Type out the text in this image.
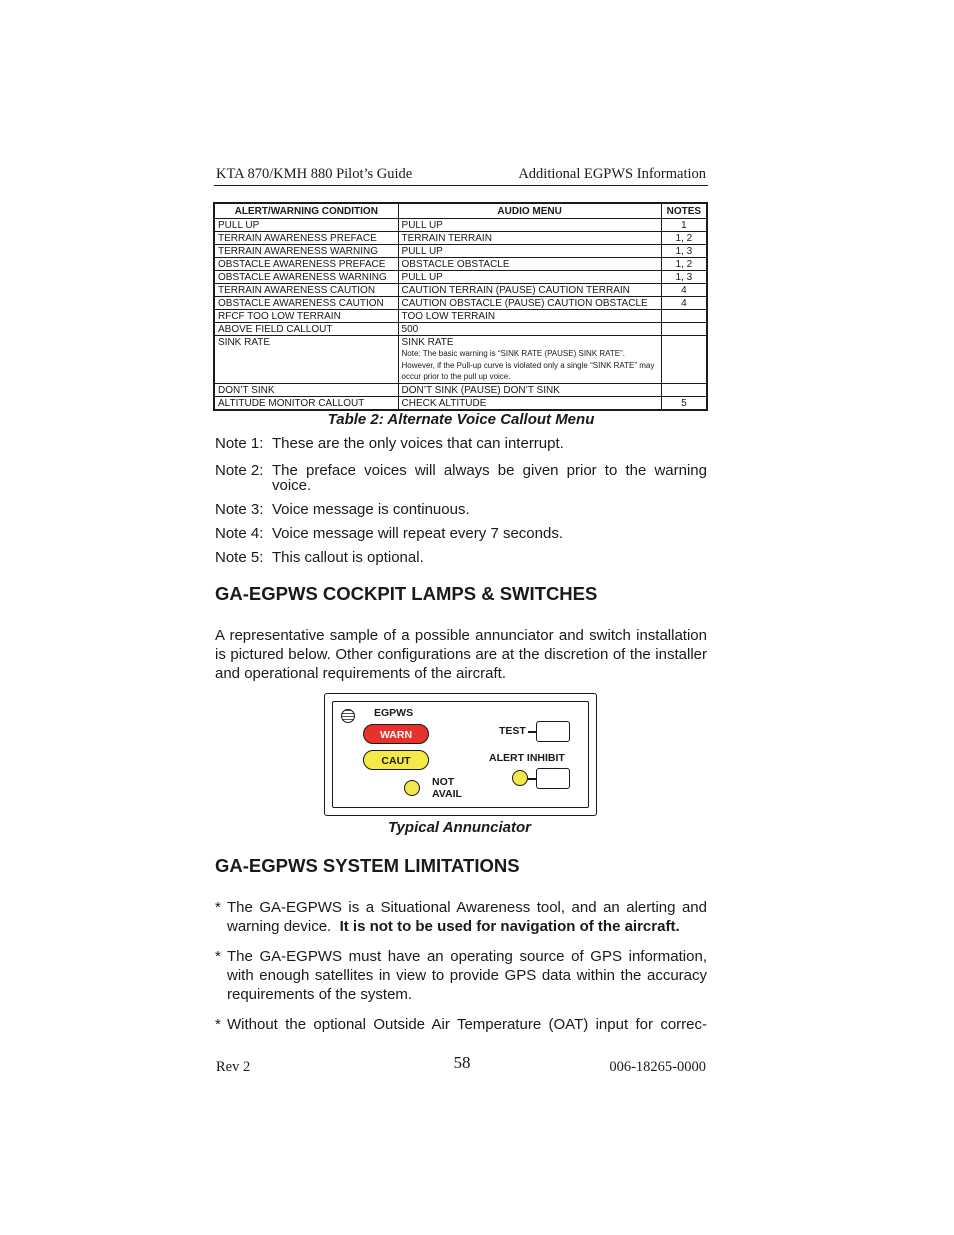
KTA 870/KMH 880 Pilot’s Guide	Additional EGPWS Information
ALERT/WARNING CONDITION	AUDIO MENU	NOTES
PULL UP	PULL UP	1
TERRAIN AWARENESS PREFACE	TERRAIN TERRAIN	1, 2
TERRAIN AWARENESS WARNING	PULL UP	1, 3
OBSTACLE AWARENESS PREFACE	OBSTACLE OBSTACLE	1, 2
OBSTACLE AWARENESS WARNING	PULL UP	1, 3
TERRAIN AWARENESS CAUTION	CAUTION TERRAIN (PAUSE) CAUTION TERRAIN	4
OBSTACLE AWARENESS CAUTION	CAUTION OBSTACLE (PAUSE) CAUTION OBSTACLE	4
RFCF TOO LOW TERRAIN	TOO LOW TERRAIN	
ABOVE FIELD CALLOUT	500	
SINK RATE	SINK RATE
Note: The basic warning is “SINK RATE (PAUSE) SINK RATE”. However, if the Pull-up curve is violated only a single “SINK RATE” may occur prior to the pull up voice.	

DON’T SINK	DON’T SINK (PAUSE) DON’T SINK	
ALTITUDE MONITOR CALLOUT	CHECK ALTITUDE	5
Table 2: Alternate Voice Callout Menu
Note 1: These are the only voices that can interrupt.
Note 2: The preface voices will always be given prior to the warning voice.
Note 3: Voice message is continuous.
Note 4: Voice message will repeat every 7 seconds.
Note 5: This callout is optional.
GA-EGPWS COCKPIT LAMPS & SWITCHES

A representative sample of a possible annunciator and switch installation is pictured below. Other configurations are at the discretion of the installer and operational requirements of the aircraft.

EGPWS
WARN
CAUT
NOT
AVAIL
TEST
ALERT INHIBIT
Typical Annunciator
GA-EGPWS SYSTEM LIMITATIONS
* The GA-EGPWS is a Situational Awareness tool, and an alerting and warning device. It is not to be used for navigation of the aircraft.
* The GA-EGPWS must have an operating source of GPS information, with enough satellites in view to provide GPS data within the accuracy requirements of the system.
* Without the optional Outside Air Temperature (OAT) input for correc-
Rev 2	58	006-18265-0000
